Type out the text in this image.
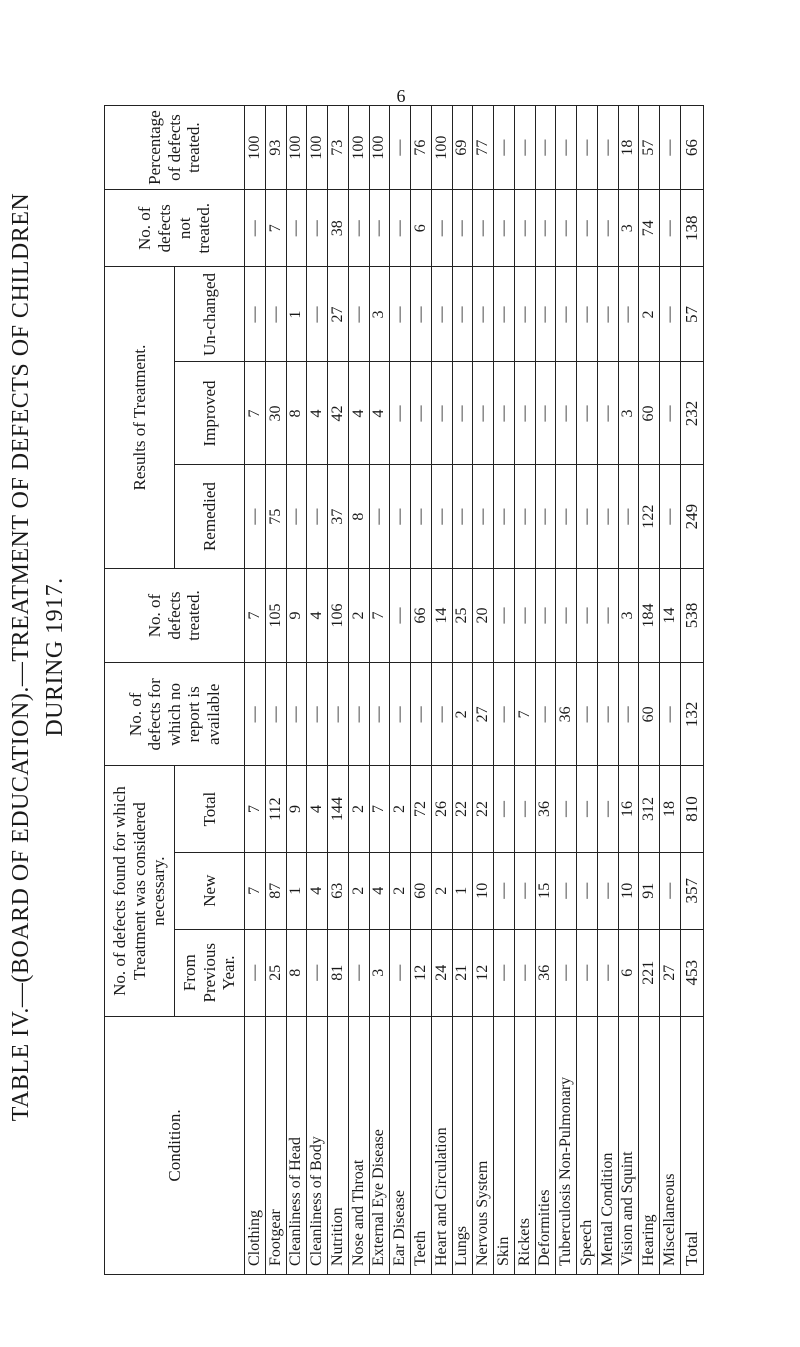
6
TABLE IV.—(BOARD OF EDUCATION).—TREATMENT OF DEFECTS OF CHILDREN DURING 1917.
Condition.	No. of defects found for which Treatment was considered necessary.			No. of defects for which no report is available	No. of defects treated.	Results of Treatment.			No. of defects not treated.	Percentage of defects treated.
	From Previous Year.	New	Total			Remedied	Improved	Un-changed		
Clothing	—	7	7	—	7	—	7	—	—	100
Footgear	25	87	112	—	105	75	30	—	7	93
Cleanliness of Head	8	1	9	—	9	—	8	1	—	100
Cleanliness of Body	—	4	4	—	4	—	4	—	—	100
Nutrition	81	63	144	—	106	37	42	27	38	73
Nose and Throat	—	2	2	—	2	8	4	—	—	100
External Eye Disease	3	4	7	—	7	—	4	3	—	100
Ear Disease	—	2	2	—	—	—	—	—	—	—
Teeth	12	60	72	—	66	—	—	—	6	76
Heart and Circulation	24	2	26	—	14	—	—	—	—	100
Lungs	21	1	22	2	25	—	—	—	—	69
Nervous System	12	10	22	27	20	—	—	—	—	77
Skin	—	—	—	—	—	—	—	—	—	—
Rickets	—	—	—	7	—	—	—	—	—	—
Deformities	36	15	36	—	—	—	—	—	—	—
Tuberculosis Non-Pulmonary	—	—	—	36	—	—	—	—	—	—
Speech	—	—	—	—	—	—	—	—	—	—
Mental Condition	—	—	—	—	—	—	—	—	—	—
Vision and Squint	6	10	16	—	3	—	3	—	3	18
Hearing	221	91	312	60	184	122	60	2	74	57
Miscellaneous	27	—	18	—	14	—	—	—	—	—
Total	453	357	810	132	538	249	232	57	138	66
